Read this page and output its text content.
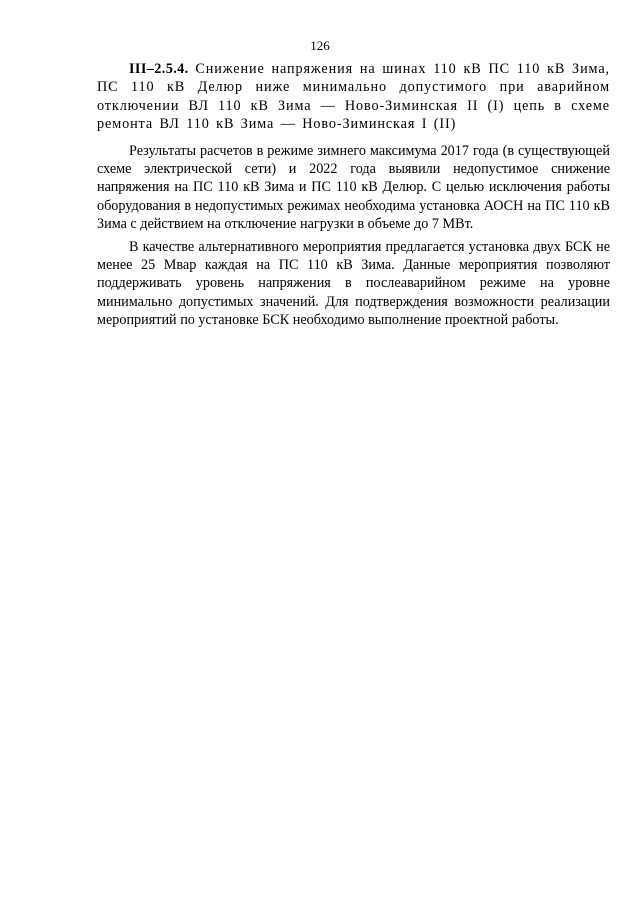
126

III–2.5.4. Снижение напряжения на шинах 110 кВ ПС 110 кВ Зима, ПС 110 кВ Делюр ниже минимально допустимого при аварийном отключении ВЛ 110 кВ Зима — Ново-Зиминская II (I) цепь в схеме ремонта ВЛ 110 кВ Зима — Ново-Зиминская I (II)

Результаты расчетов в режиме зимнего максимума 2017 года (в существующей схеме электрической сети) и 2022 года выявили недопустимое снижение напряжения на ПС 110 кВ Зима и ПС 110 кВ Делюр. С целью исключения работы оборудования в недопустимых режимах необходима установка АОСН на ПС 110 кВ Зима с действием на отключение нагрузки в объеме до 7 МВт.

В качестве альтернативного мероприятия предлагается установка двух БСК не менее 25 Мвар каждая на ПС 110 кВ Зима. Данные мероприятия позволяют поддерживать уровень напряжения в послеаварийном режиме на уровне минимально допустимых значений. Для подтверждения возможности реализации мероприятий по установке БСК необходимо выполнение проектной работы.
